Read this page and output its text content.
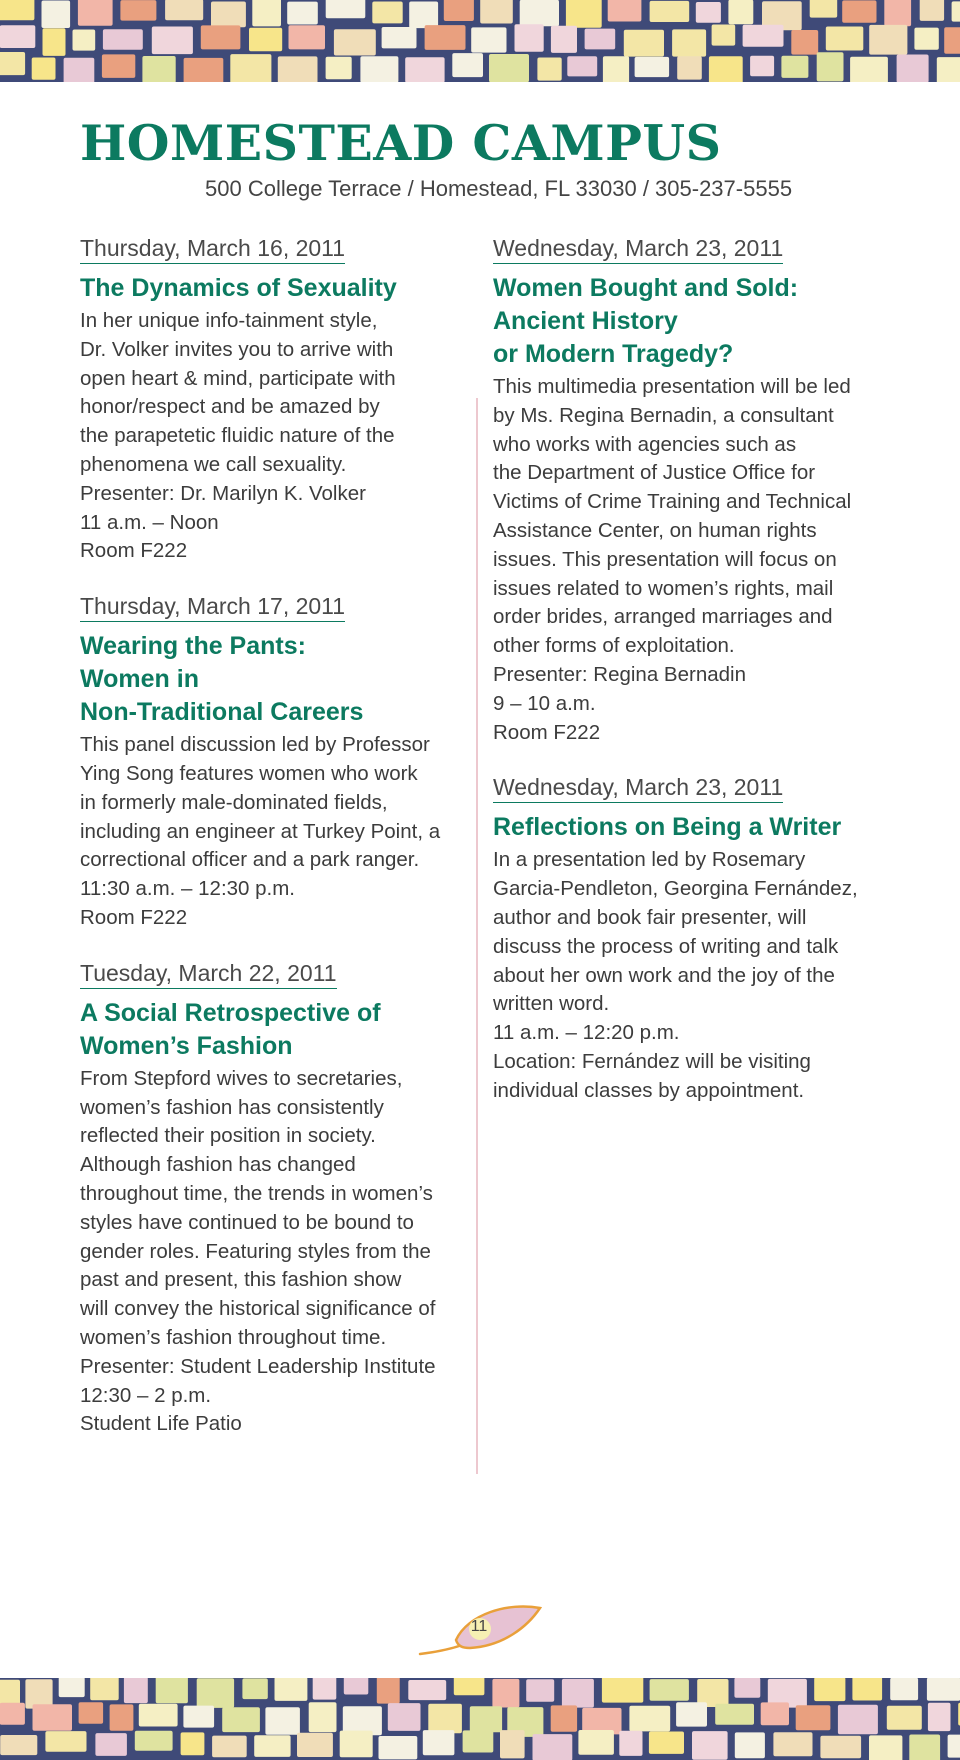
HOMESTEAD CAMPUS
500 College Terrace / Homestead, FL 33030 / 305-237-5555
Thursday, March 16, 2011
The Dynamics of Sexuality
In her unique info-tainment style,
Dr. Volker invites you to arrive with
open heart & mind, participate with
honor/respect and be amazed by
the parapetetic fluidic nature of the
phenomena we call sexuality.
Presenter: Dr. Marilyn K. Volker
11 a.m. – Noon
Room F222
Thursday, March 17, 2011
Wearing the Pants:
Women in
Non-Traditional Careers
This panel discussion led by Professor
Ying Song features women who work
in formerly male-dominated fields,
including an engineer at Turkey Point, a
correctional officer and a park ranger.
11:30 a.m. – 12:30 p.m.
Room F222
Tuesday, March 22, 2011
A Social Retrospective of
Women’s Fashion
From Stepford wives to secretaries,
women’s fashion has consistently
reflected their position in society.
Although fashion has changed
throughout time, the trends in women’s
styles have continued to be bound to
gender roles. Featuring styles from the
past and present, this fashion show
will convey the historical significance of
women’s fashion throughout time.
Presenter: Student Leadership Institute
12:30 – 2 p.m.
Student Life Patio
Wednesday, March 23, 2011
Women Bought and Sold:
Ancient History
or Modern Tragedy?
This multimedia presentation will be led
by Ms. Regina Bernadin, a consultant
who works with agencies such as
the Department of Justice Office for
Victims of Crime Training and Technical
Assistance Center, on human rights
issues. This presentation will focus on
issues related to women’s rights, mail
order brides, arranged marriages and
other forms of exploitation.
Presenter: Regina Bernadin
9 – 10 a.m.
Room F222
Wednesday, March 23, 2011
Reflections on Being a Writer
In a presentation led by Rosemary
Garcia-Pendleton, Georgina Fernández,
author and book fair presenter, will
discuss the process of writing and talk
about her own work and the joy of the
written word.
11 a.m. – 12:20 p.m.
Location: Fernández will be visiting
individual classes by appointment.
11
